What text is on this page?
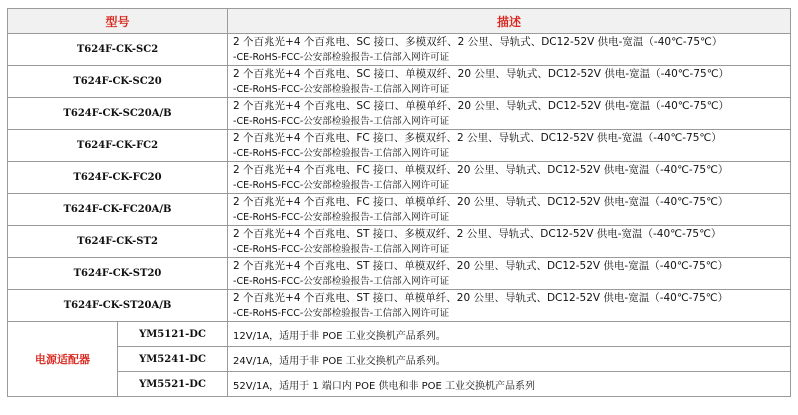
型号		描述
T624F-CK-SC2		2 个百兆光+4 个百兆电、SC 接口、多模双纤、2 公里、导轨式、DC12-52V 供电-宽温（-40℃-75℃）
-CE-RoHS-FCC-公安部检验报告-工信部入网许可证

T624F-CK-SC20		2 个百兆光+4 个百兆电、SC 接口、单模双纤、20 公里、导轨式、DC12-52V 供电-宽温（-40℃-75℃）
-CE-RoHS-FCC-公安部检验报告-工信部入网许可证

T624F-CK-SC20A/B		2 个百兆光+4 个百兆电、SC 接口、单模单纤、20 公里、导轨式、DC12-52V 供电-宽温（-40℃-75℃）
-CE-RoHS-FCC-公安部检验报告-工信部入网许可证

T624F-CK-FC2		2 个百兆光+4 个百兆电、FC 接口、多模双纤、2 公里、导轨式、DC12-52V 供电-宽温（-40℃-75℃）
-CE-RoHS-FCC-公安部检验报告-工信部入网许可证

T624F-CK-FC20		2 个百兆光+4 个百兆电、FC 接口、单模双纤、20 公里、导轨式、DC12-52V 供电-宽温（-40℃-75℃）
-CE-RoHS-FCC-公安部检验报告-工信部入网许可证

T624F-CK-FC20A/B		2 个百兆光+4 个百兆电、FC 接口、单模单纤、20 公里、导轨式、DC12-52V 供电-宽温（-40℃-75℃）
-CE-RoHS-FCC-公安部检验报告-工信部入网许可证

T624F-CK-ST2		2 个百兆光+4 个百兆电、ST 接口、多模双纤、2 公里、导轨式、DC12-52V 供电-宽温（-40℃-75℃）
-CE-RoHS-FCC-公安部检验报告-工信部入网许可证

T624F-CK-ST20		2 个百兆光+4 个百兆电、ST 接口、单模双纤、20 公里、导轨式、DC12-52V 供电-宽温（-40℃-75℃）
-CE-RoHS-FCC-公安部检验报告-工信部入网许可证

T624F-CK-ST20A/B		2 个百兆光+4 个百兆电、ST 接口、单模单纤、20 公里、导轨式、DC12-52V 供电-宽温（-40℃-75℃）
-CE-RoHS-FCC-公安部检验报告-工信部入网许可证

电源适配器	YM5121-DC	12V/1A，适用于非 POE 工业交换机产品系列。
	YM5241-DC	24V/1A，适用于非 POE 工业交换机产品系列。
	YM5521-DC	52V/1A，适用于 1 端口内 POE 供电和非 POE 工业交换机产品系列
